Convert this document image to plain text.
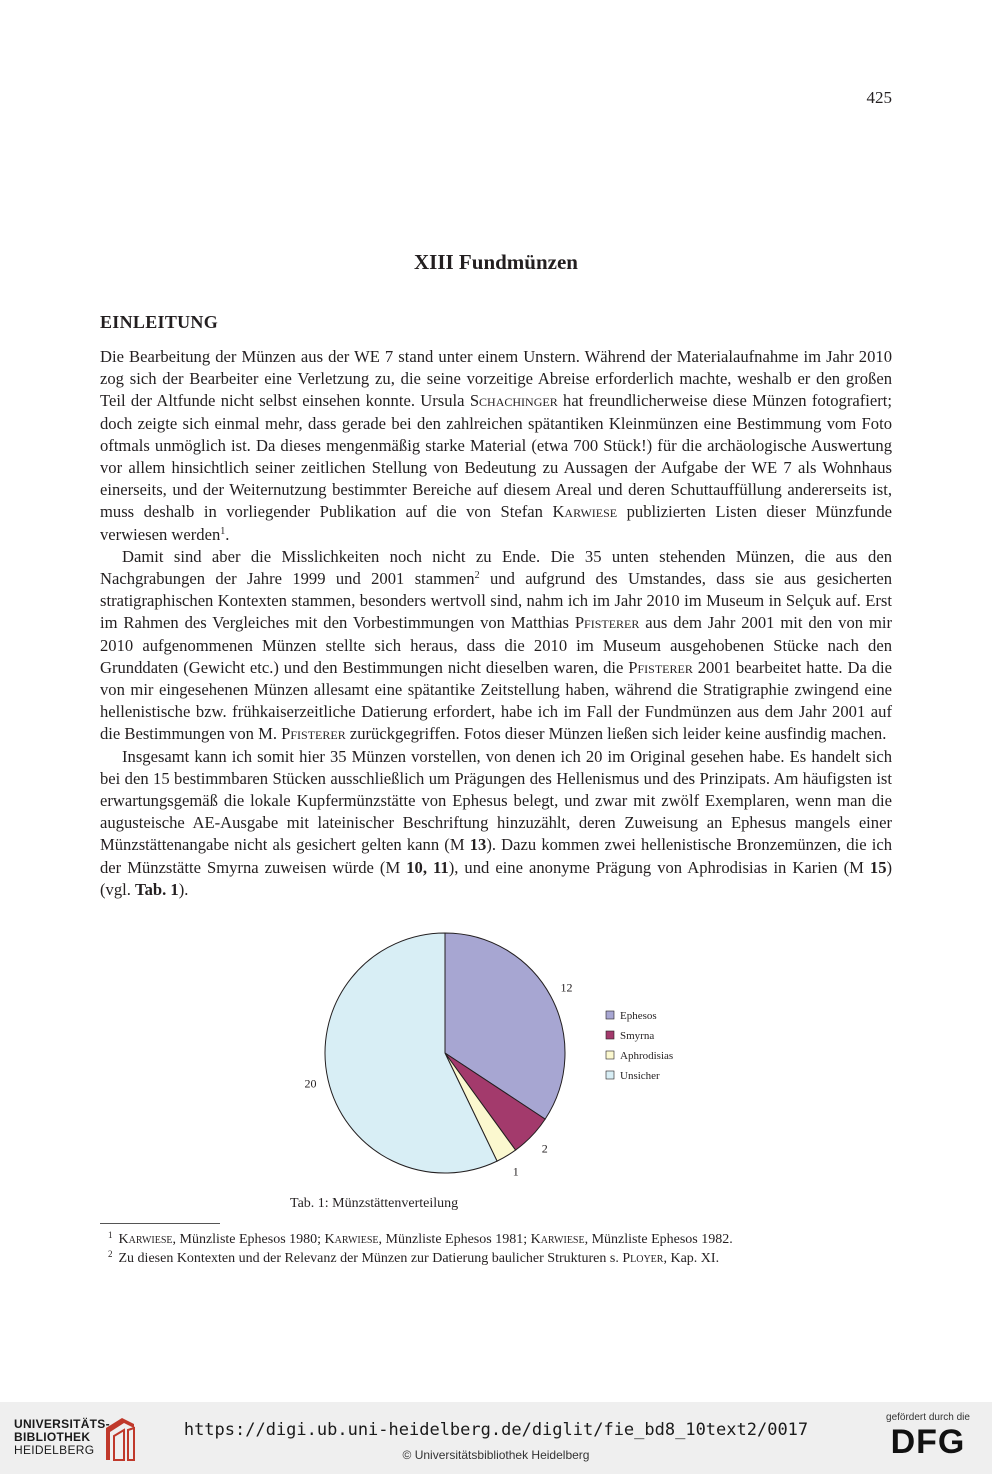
425
XIII Fundmünzen
EINLEITUNG

Die Bearbeitung der Münzen aus der WE 7 stand unter einem Unstern. Während der Materialaufnahme im Jahr 2010 zog sich der Bearbeiter eine Verletzung zu, die seine vorzeitige Abreise erforderlich machte, weshalb er den großen Teil der Altfunde nicht selbst einsehen konnte. Ursula Schachinger hat freundlicherweise diese Münzen fotografiert; doch zeigte sich einmal mehr, dass gerade bei den zahlreichen spätantiken Kleinmünzen eine Bestimmung vom Foto oftmals unmöglich ist. Da dieses mengenmäßig starke Material (etwa 700 Stück!) für die archäologische Auswertung vor allem hinsichtlich seiner zeitlichen Stellung von Bedeutung zu Aussagen der Aufgabe der WE 7 als Wohnhaus einerseits, und der Weiternutzung bestimmter Bereiche auf diesem Areal und deren Schuttauffüllung andererseits ist, muss deshalb in vorliegender Publikation auf die von Stefan Karwiese publizierten Listen dieser Münzfunde verwiesen werden$^1$.

Damit sind aber die Misslichkeiten noch nicht zu Ende. Die 35 unten stehenden Münzen, die aus den Nachgrabungen der Jahre 1999 und 2001 stammen$^2$ und aufgrund des Umstandes, dass sie aus gesicherten stratigraphischen Kontexten stammen, besonders wertvoll sind, nahm ich im Jahr 2010 im Museum in Selçuk auf. Erst im Rahmen des Vergleiches mit den Vorbestimmungen von Matthias Pfisterer aus dem Jahr 2001 mit den von mir 2010 aufgenommenen Münzen stellte sich heraus, dass die 2010 im Museum ausgehobenen Stücke nach den Grunddaten (Gewicht etc.) und den Bestimmungen nicht dieselben waren, die Pfisterer 2001 bearbeitet hatte. Da die von mir eingesehenen Münzen allesamt eine spätantike Zeitstellung haben, während die Stratigraphie zwingend eine hellenistische bzw. frühkaiserzeitliche Datierung erfordert, habe ich im Fall der Fundmünzen aus dem Jahr 2001 auf die Bestimmungen von M. Pfisterer zurückgegriffen. Fotos dieser Münzen ließen sich leider keine ausfindig machen.

Insgesamt kann ich somit hier 35 Münzen vorstellen, von denen ich 20 im Original gesehen habe. Es handelt sich bei den 15 bestimmbaren Stücken ausschließlich um Prägungen des Hellenismus und des Prinzipats. Am häufigsten ist erwartungsgemäß die lokale Kupfermünzstätte von Ephesus belegt, und zwar mit zwölf Exemplaren, wenn man die augusteische AE-Ausgabe mit lateinischer Beschriftung hinzuzählt, deren Zuweisung an Ephesus mangels einer Münzstättenangabe nicht als gesichert gelten kann (M 13). Dazu kommen zwei hellenistische Bronzemünzen, die ich der Münzstätte Smyrna zuweisen würde (M 10, 11), und eine anonyme Prägung von Aphrodisias in Karien (M 15) (vgl. Tab. 1).

12
2
1
20
Ephesos
Smyrna
Aphrodisias
Unsicher

Tab. 1: Münzstättenverteilung

$^1$ Karwiese, Münzliste Ephesos 1980; Karwiese, Münzliste Ephesos 1981; Karwiese, Münzliste Ephesos 1982.
$^2$ Zu diesen Kontexten und der Relevanz der Münzen zur Datierung baulicher Strukturen s. Ployer, Kap. XI.
UNIVERSITÄTS-
BIBLIOTHEK
HEIDELBERG
https://digi.ub.uni-heidelberg.de/diglit/fie_bd8_10text2/0017
© Universitätsbibliothek Heidelberg
gefördert durch die
DFG
